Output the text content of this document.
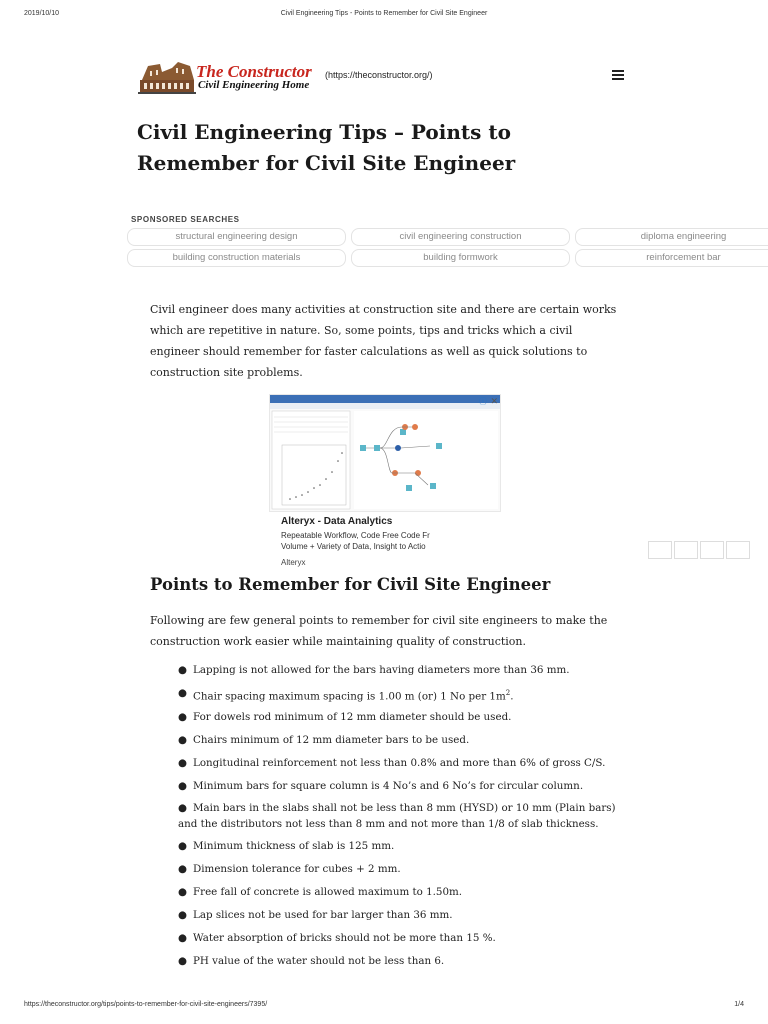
2019/10/10	Civil Engineering Tips - Points to Remember for Civil Site Engineer
The Constructor
Civil Engineering Home
(https://theconstructor.org/)
Civil Engineering Tips – Points to
Remember for Civil Site Engineer
SPONSORED SEARCHES
structural engineering design	civil engineering construction	diploma engineering
building construction materials	building formwork	reinforcement bar

Civil engineer does many activities at construction site and there are certain works
which are repetitive in nature. So, some points, tips and tricks which a civil
engineer should remember for faster calculations as well as quick solutions to
construction site problems.

ⓘ ✕
Alteryx - Data Analytics
Repeatable Workflow, Code Free Code Fr
Volume + Variety of Data, Insight to Actio
Alteryx
Points to Remember for Civil Site Engineer

Following are few general points to remember for civil site engineers to make the
construction work easier while maintaining quality of construction.

● Lapping is not allowed for the bars having diameters more than 36 mm.
● Chair spacing maximum spacing is 1.00 m (or) 1 No per $1m^2$.
● For dowels rod minimum of 12 mm diameter should be used.
● Chairs minimum of 12 mm diameter bars to be used.
● Longitudinal reinforcement not less than 0.8% and more than 6% of gross C/S.
● Minimum bars for square column is 4 No’s and 6 No’s for circular column.
● Main bars in the slabs shall not be less than 8 mm (HYSD) or 10 mm (Plain bars)
and the distributors not less than 8 mm and not more than 1/8 of slab thickness.
● Minimum thickness of slab is 125 mm.
● Dimension tolerance for cubes + 2 mm.
● Free fall of concrete is allowed maximum to 1.50m.
● Lap slices not be used for bar larger than 36 mm.
● Water absorption of bricks should not be more than 15 %.
● PH value of the water should not be less than 6.
https://theconstructor.org/tips/points-to-remember-for-civil-site-engineers/7395/	1/4
